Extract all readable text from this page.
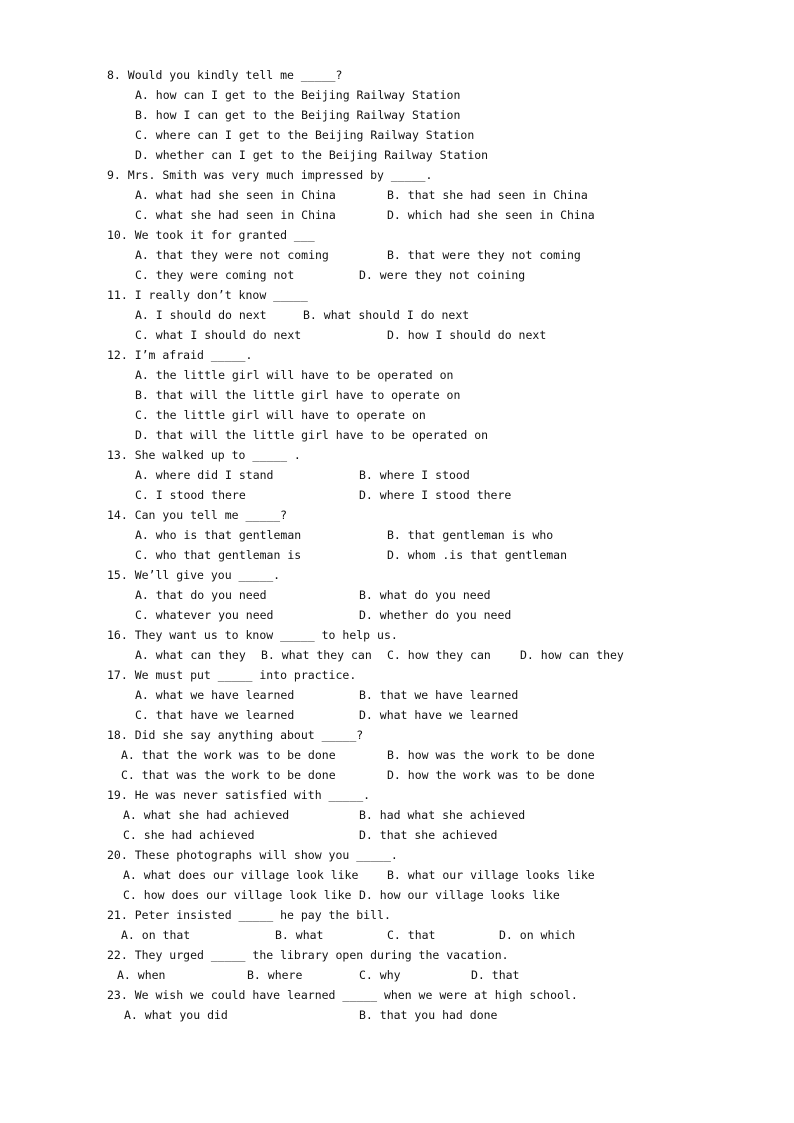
8. Would you kindly tell me _____?
A. how can I get to the Beijing Railway Station
B. how I can get to the Beijing Railway Station
C. where can I get to the Beijing Railway Station
D. whether can I get to the Beijing Railway Station
9. Mrs. Smith was very much impressed by _____.
A. what had she seen in China	B. that she had seen in China
C. what she had seen in China	D. which had she seen in China
10. We took it for granted ___
A. that they were not coming	B. that were they not coming
C. they were coming not	D. were they not coining
11. I really don’t know _____
A. I should do next	B. what should I do next
C. what I should do next	D. how I should do next
12. I’m afraid _____.
A. the little girl will have to be operated on
B. that will the little girl have to operate on
C. the little girl will have to operate on
D. that will the little girl have to be operated on
13. She walked up to _____ .
A. where did I stand	B. where I stood
C. I stood there	D. where I stood there
14. Can you tell me _____?
A. who is that gentleman	B. that gentleman is who
C. who that gentleman is	D. whom .is that gentleman
15. We’ll give you _____.
A. that do you need	B. what do you need
C. whatever you need	D. whether do you need
16. They want us to know _____ to help us.
A. what can they B. what they can C. how they can	D. how can they
17. We must put _____ into practice.
A. what we have learned	B. that we have learned
C. that have we learned	D. what have we learned
18. Did she say anything about _____?
A. that the work was to be done	B. how was the work to be done
C. that was the work to be done	D. how the work was to be done
19. He was never satisfied with _____.
A. what she had achieved	B. had what she achieved
C. she had achieved	D. that she achieved
20. These photographs will show you _____.
A. what does our village look like B. what our village looks like
C. how does our village look like D. how our village looks like
21. Peter insisted _____ he pay the bill.
A. on that	B. what	C. that	D. on which
22. They urged _____ the library open during the vacation.
A. when	B. where	C. why	D. that
23. We wish we could have learned _____ when we were at high school.
A. what you did	B. that you had done
